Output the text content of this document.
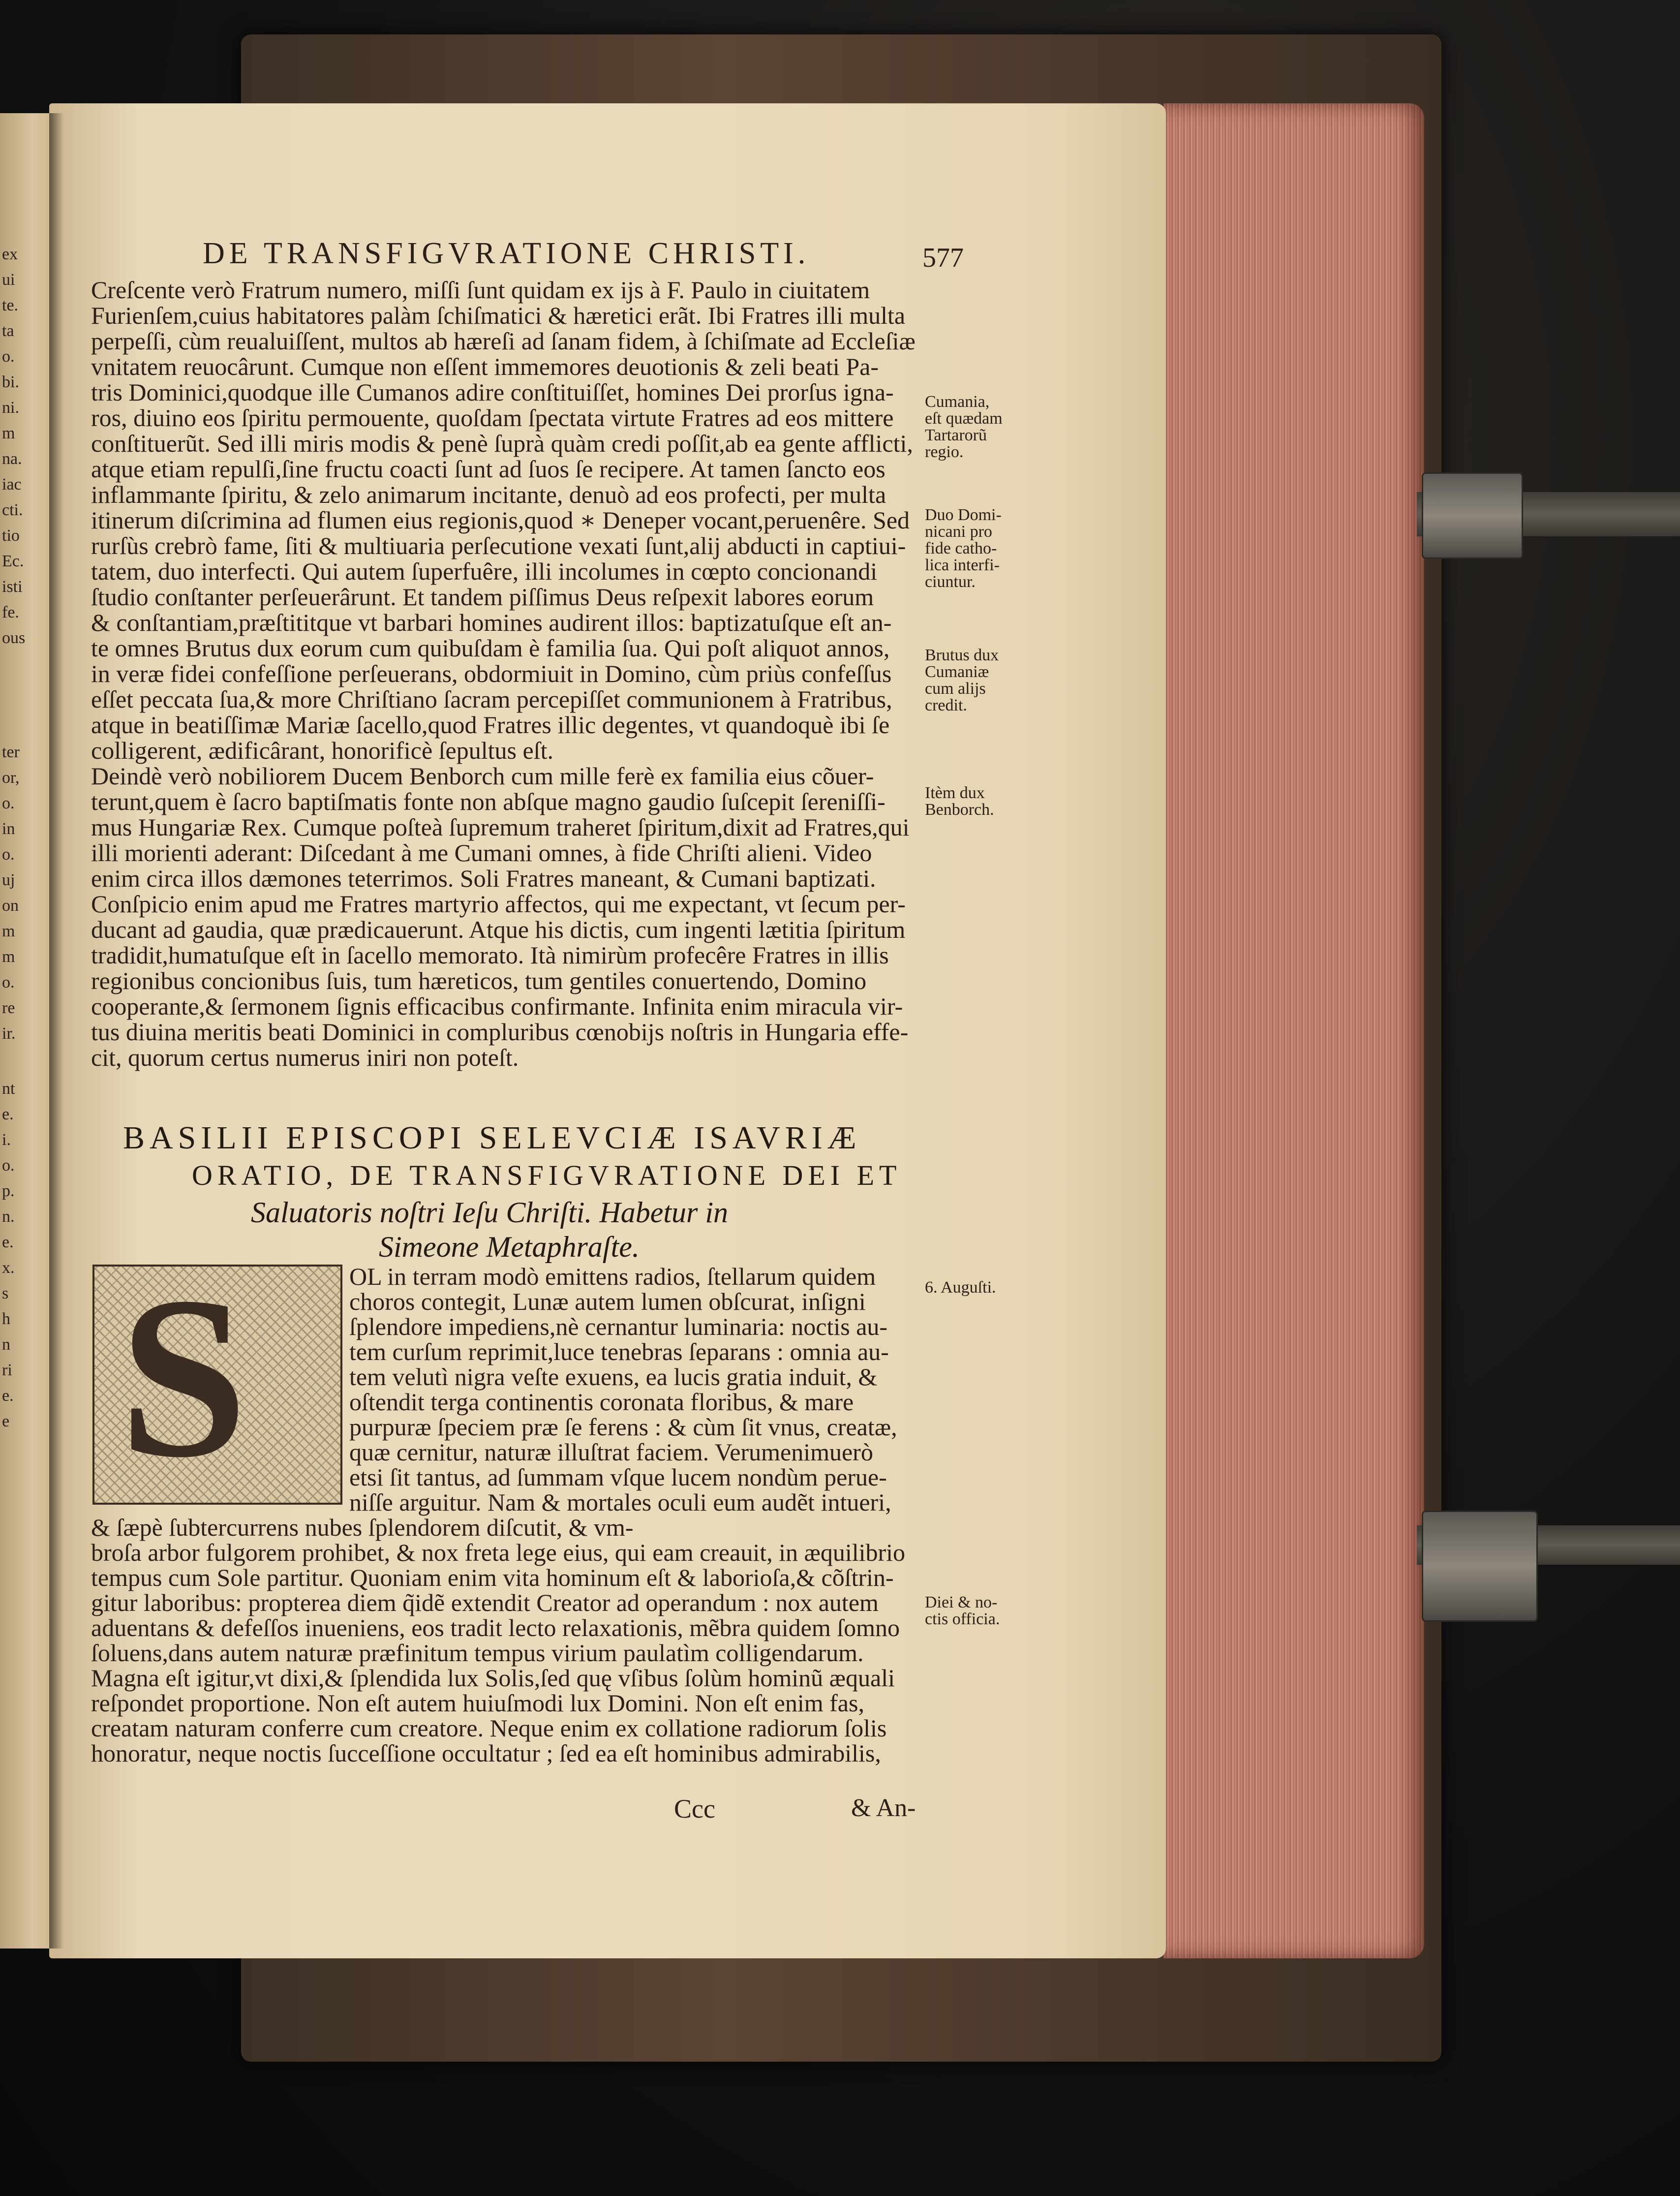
ex
ui
te.
ta
o.
bi.
ni.
m
na.
iac
cti.
tio
Ec.
isti
fe.
ous
ter
or,
o.
in
o.
uj
on
m
m
o.
re
ir.
nt
e.
i.
o.
p.
n.
e.
x.
s
h
n
ri
e.
e
DE TRANSFIGVRATIONE CHRISTI.	577
Creſcente verò Fratrum numero, miſſi ſunt quidam ex ijs à F. Paulo in ciuitatem
Furienſem,cuius habitatores palàm ſchiſmatici & hæretici erãt. Ibi Fratres illi multa
perpeſſi, cùm reualuiſſent, multos ab hæreſi ad ſanam fidem, à ſchiſmate ad Eccleſiæ
vnitatem reuocârunt. Cumque non eſſent immemores deuotionis & zeli beati Pa-
tris Dominici,quodque ille Cumanos adire conſtituiſſet, homines Dei prorſus igna-
ros, diuino eos ſpiritu permouente, quoſdam ſpectata virtute Fratres ad eos mittere
conſtituerũt. Sed illi miris modis & penè ſuprà quàm credi poſſit,ab ea gente afflicti,
atque etiam repulſi,ſine fructu coacti ſunt ad ſuos ſe recipere. At tamen ſancto eos
inflammante ſpiritu, & zelo animarum incitante, denuò ad eos profecti, per multa
itinerum diſcrimina ad flumen eius regionis,quod ∗ Deneper vocant,peruenêre. Sed
rurſùs crebrò fame, ſiti & multiuaria perſecutione vexati ſunt,alij abducti in captiui-
tatem, duo interfecti. Qui autem ſuperfuêre, illi incolumes in cœpto concionandi
ſtudio conſtanter perſeuerârunt. Et tandem piſſimus Deus reſpexit labores eorum
& conſtantiam,præſtititque vt barbari homines audirent illos: baptizatuſque eſt an-
te omnes Brutus dux eorum cum quibuſdam è familia ſua. Qui poſt aliquot annos,
in veræ fidei confeſſione perſeuerans, obdormiuit in Domino, cùm priùs confeſſus
eſſet peccata ſua,& more Chriſtiano ſacram percepiſſet communionem à Fratribus,
atque in beatiſſimæ Mariæ ſacello,quod Fratres illic degentes, vt quandoquè ibi ſe
colligerent, ædificârant, honorificè ſepultus eſt.
Deindè verò nobiliorem Ducem Benborch cum mille ferè ex familia eius cõuer-
terunt,quem è ſacro baptiſmatis fonte non abſque magno gaudio ſuſcepit ſereniſſi-
mus Hungariæ Rex. Cumque poſteà ſupremum traheret ſpiritum,dixit ad Fratres,qui
illi morienti aderant: Diſcedant à me Cumani omnes, à fide Chriſti alieni. Video
enim circa illos dæmones teterrimos. Soli Fratres maneant, & Cumani baptizati.
Conſpicio enim apud me Fratres martyrio affectos, qui me expectant, vt ſecum per-
ducant ad gaudia, quæ prædicauerunt. Atque his dictis, cum ingenti lætitia ſpiritum
tradidit,humatuſque eſt in ſacello memorato. Ità nimirùm profecêre Fratres in illis
regionibus concionibus ſuis, tum hæreticos, tum gentiles conuertendo, Domino
cooperante,& ſermonem ſignis efficacibus confirmante. Infinita enim miracula vir-
tus diuina meritis beati Dominici in compluribus cœnobijs noſtris in Hungaria effe-
cit, quorum certus numerus iniri non poteſt.
BASILII EPISCOPI SELEVCIÆ ISAVRIÆ
ORATIO, DE TRANSFIGVRATIONE DEI ET
Saluatoris noſtri Ieſu Chriſti. Habetur in
Simeone Metaphraſte.
S	OL in terram modò emittens radios, ſtellarum quidem
choros contegit, Lunæ autem lumen obſcurat, inſigni
ſplendore impediens,nè cernantur luminaria: noctis au-
tem curſum reprimit,luce tenebras ſeparans : omnia au-
tem velutì nigra veſte exuens, ea lucis gratia induit, &
oſtendit terga continentis coronata floribus, & mare
purpuræ ſpeciem præ ſe ferens : & cùm ſit vnus, creatæ,
quæ cernitur, naturæ illuſtrat faciem. Verumenimuerò
etsi ſit tantus, ad ſummam vſque lucem nondùm perue-
niſſe arguitur. Nam & mortales oculi eum audẽt intueri,
& ſæpè ſubtercurrens nubes ſplendorem diſcutit, & vm-
broſa arbor fulgorem prohibet, & nox freta lege eius, qui eam creauit, in æquilibrio
tempus cum Sole partitur. Quoniam enim vita hominum eſt & laborioſa,& cõſtrin-
gitur laboribus: propterea diem q̃idẽ extendit Creator ad operandum : nox autem
aduentans & defeſſos inueniens, eos tradit lecto relaxationis, mẽbra quidem ſomno
ſoluens,dans autem naturæ præfinitum tempus virium paulatìm colligendarum.
Magna eſt igitur,vt dixi,& ſplendida lux Solis,ſed quę vſibus ſolùm hominũ æquali
reſpondet proportione. Non eſt autem huiuſmodi lux Domini. Non eſt enim fas,
creatam naturam conferre cum creatore. Neque enim ex collatione radiorum ſolis
honoratur, neque noctis ſucceſſione occultatur ; ſed ea eſt hominibus admirabilis,
Cumania,
eſt quædam
Tartarorũ
regio.
Duo Domi-
nicani pro
fide catho-
lica interfi-
ciuntur.
Brutus dux
Cumaniæ
cum alijs
credit.
Itèm dux
Benborch.
6. Auguſti.
Diei & no-
ctis officia.
Ccc	& An-
